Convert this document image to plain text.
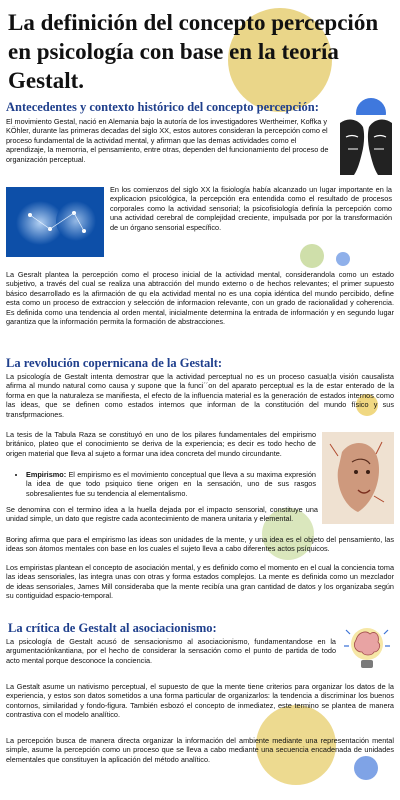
La definición del concepto percepción en psicología con base en la teoría Gestalt.
Antecedentes y contexto histórico del concepto percepción:

El movimiento Gestal, nació en Alemania bajo la autoría de los investigadores Wertheimer, Koffka y KÖhler, durante las primeras decadas del siglo XX, estos autores consideran la percepción como el proceso fundamental de la actividad mental, y afirman que las demas actividades como el aprendizaje, la memorria, el pensamiento, entre otras, dependen del funcionamiento del proceso de organización perceptual.

En los comienzos del siglo XX la fisiología había alcanzado un lugar importante en la explicacion psicológica, la percepción era entendida como el resultado de procesos corporales como la actividad sensorial; la psicofisiología definía la percepción como una actividad cerebral de complejidad creciente, impulsada por por la transformación de un órgano sensorial específico.

La Gesralt plantea la percepción como el proceso inicial de la actividad mental, considerandola como un estado subjetivo, a través del cual se realiza una abtracción del mundo externo o de hechos relevantes; el primer supuesto básico desarrollado es la afirmación de qu ela actividad mental no es una copia idéntica del mundo percibido, define esta como un proceso de extraccion y selección de informacion relevante, con un grado de racionalidad y coherencia. Es definida como una tendencia al orden mental, inicialmente determina la entrada de información y en segundo lugar garantiza que la información permita la formación de abstracciones.

La revolución copernicana de la Gestalt:

La psicología de Gestalt intenta demostrar que la actividad perceptual no es un proceso casual;la visión causalista afirma al mundo natural como causa y supone que la funci´´on del aparato perceptual es la de estar enterado de la forma en que la naturaleza se manifiesta, el efecto de la influencia material es la generación de estados internos como las ideas, que se definen como estados internos que informan de la constitución del mundo físico y sus transfprmaciones.

La tesis de la Tabula Raza se constituyó en uno de los pilares fundamentales del empirismo británico, plateo que el conocimiento se deriva de la experiencia; es decir es todo hecho de origen material que lleva al sujeto a formar una idea concreta del mundo circundante.

• Empirismo: El empirismo es el movimiento conceptual que lleva a su maxima expresión la idea de que todo psiquico tiene origen en la sensación, uno de sus rasgos sobresalientes fue su tendencia al elementalismo.

Se denomina con el termino idea a la huella dejada por el impacto sensorial, constituye una unidad simple, un dato que registre cada acontecimiento de manera unitaria y elemental.

Boring afirma que para el empirismo las ideas son unidades de la mente, y una idea es el objeto del pensamiento, las ideas son átomos mentales con base en los cuales el sujeto lleva a cabo diferentes actos psíquicos.

Los empiristas plantean el concepto de asociación mental, y es definido como el momento en el cual la conciencia toma las ideas sensoriales, las integra unas con otras y forma estados complejos. La mente es definida como un mezclador de ideas sensoriales, James Mill consideraba que la mente recibía una gran cantidad de datos y los organizaba según su contiguidad espacio-temporal.

La crítica de Gestalt al asociacionismo:

La psicología de Gestalt acusó de sensacionismo al asociacionismo, fundamentandose en la argumentaciónkantiana, por el hecho de considerar la sensación como el punto de partida de todo acto mental porque desconoce la conciencia.

La Gestalt asume un nativismo perceptual, el supuesto de que la mente tiene criterios para organizar los datos de la experiencia, y estos son datos sometidos a una forma particular de organizarlos: la tendencia a discriminar los buenos contornos, similaridad y fondo-figura. También esbozó el concepto de inmediatez, este termino se plantea de manera contrastiva con el modelo analítico.

La percepción busca de manera directa organizar la información del ambiente mediante una representación mental simple, asume la percepción como un proceso que se lleva a cabo mediante una secuencia encadenada de unidades elementales que constituyen la aplicación del método analítico.
